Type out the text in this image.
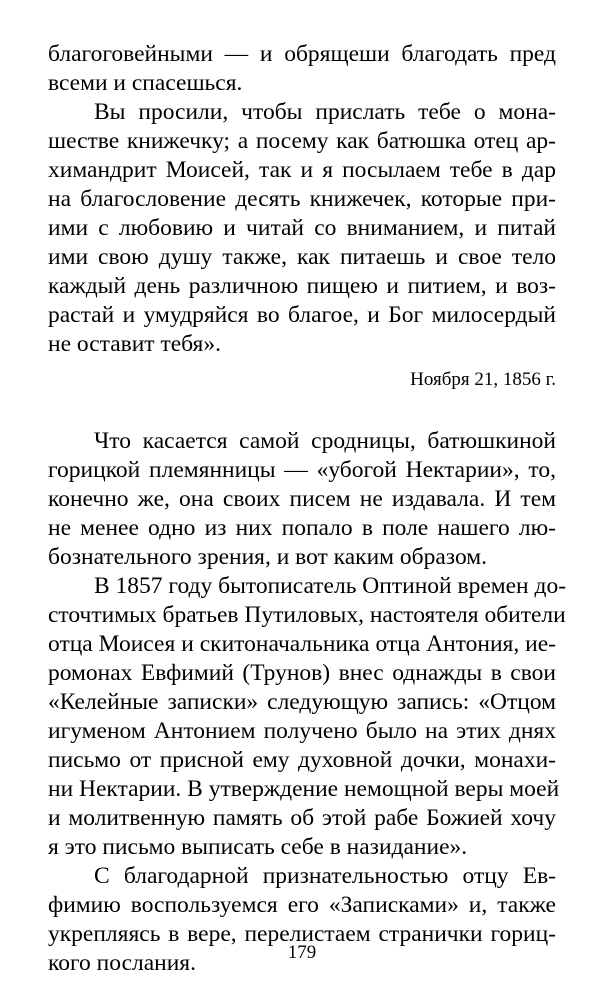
благоговейными — и обрящеши благодать пред
всеми и спасешься.
Вы просили, чтобы прислать тебе о мона-
шестве книжечку; а посему как батюшка отец ар-
химандрит Моисей, так и я посылаем тебе в дар
на благословение десять книжечек, которые при-
ими с любовию и читай со вниманием, и питай
ими свою душу также, как питаешь и свое тело
каждый день различною пищею и питием, и воз-
растай и умудряйся во благое, и Бог милосердый
не оставит тебя».
Ноября 21, 1856 г.
Что касается самой сродницы, батюшкиной
горицкой племянницы — «убогой Нектарии», то,
конечно же, она своих писем не издавала. И тем
не менее одно из них попало в поле нашего лю-
бознательного зрения, и вот каким образом.
В 1857 году бытописатель Оптиной времен до-
сточтимых братьев Путиловых, настоятеля обители
отца Моисея и скитоначальника отца Антония, ие-
ромонах Евфимий (Трунов) внес однажды в свои
«Келейные записки» следующую запись: «Отцом
игуменом Антонием получено было на этих днях
письмо от присной ему духовной дочки, монахи-
ни Нектарии. В утверждение немощной веры моей
и молитвенную память об этой рабе Божией хочу
я это письмо выписать себе в назидание».
С благодарной признательностью отцу Ев-
фимию воспользуемся его «Записками» и, также
укрепляясь в вере, перелистаем странички гориц-
кого послания.	179
